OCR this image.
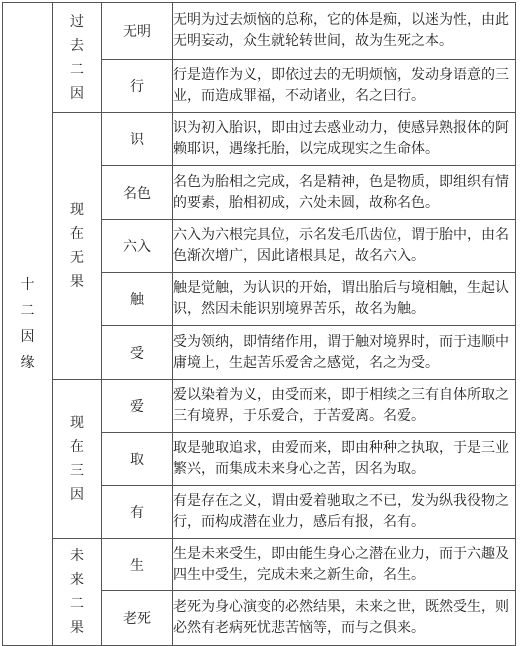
十二因缘	过去二因	无明	无明为过去烦恼的总称，它的体是痴，以迷为性，由此无明妄动，众生就轮转世间，故为生死之本。
		行	行是造作为义，即依过去的无明烦恼，发动身语意的三业，而造成罪福，不动诸业，名之曰行。
	现在无果	识	识为初入胎识，即由过去惑业动力，使感异熟报体的阿赖耶识，遇缘托胎，以完成现实之生命体。
		名色	名色为胎相之完成，名是精神，色是物质，即组织有情的要素，胎相初成，六处未圆，故称名色。
		六入	六入为六根完具位，示名发毛爪齿位，谓于胎中，由名色渐次增广，因此诸根具足，故名六入。
		触	触是觉触，为认识的开始，谓出胎后与境相触，生起认识，然因未能识别境界苦乐，故名为触。
		受	受为领纳，即情绪作用，谓于触对境界时，而于违顺中庸境上，生起苦乐爱舍之感觉，名之为受。
	现在三因	爱	爱以染着为义，由受而来，即于相续之三有自体所取之三有境界，于乐爱合，于苦爱离。名爱。
		取	取是驰取追求，由爱而来，即由种种之执取，于是三业繁兴，而集成未来身心之苦，因名为取。
		有	有是存在之义，谓由爱着驰取之不已，发为纵我役物之行，而构成潜在业力，感后有报，名有。
	未来二果	生	生是未来受生，即由能生身心之潜在业力，而于六趣及四生中受生，完成未来之新生命，名生。
		老死	老死为身心演变的必然结果，未来之世，既然受生，则必然有老病死忧悲苦恼等，而与之俱来。
